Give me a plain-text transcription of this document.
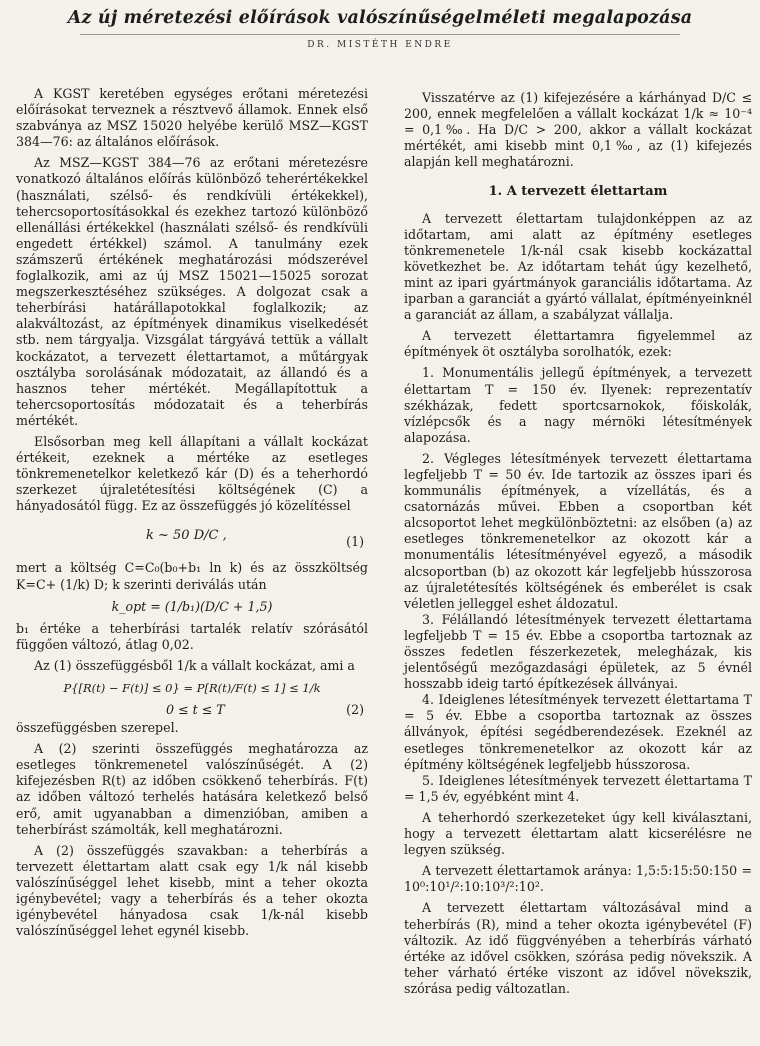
Az új méretezési előírások valószínűségelméleti megalapozása
DR. MISTÉTH ENDRE

A KGST keretében egységes erőtani méretezési előírásokat terveznek a résztvevő államok. Ennek első szabványa az MSZ 15020 helyébe kerülő MSZ—KGST 384—76: az általános előírások.

Az MSZ—KGST 384—76 az erőtani méretezésre vonatkozó általános előírás különböző teherértékekkel (használati, szélső- és rendkívüli értékekkel), tehercsoportosításokkal és ezekhez tartozó különböző ellenállási értékekkel (használati szélső- és rendkívüli engedett értékkel) számol. A tanulmány ezek számszerű értékének meghatározási módszerével foglalkozik, ami az új MSZ 15021—15025 sorozat megszerkesztéséhez szükséges. A dolgozat csak a teherbírási határállapotokkal foglalkozik; az alakváltozást, az építmények dinamikus viselkedését stb. nem tárgyalja. Vizsgálat tárgyává tettük a vállalt kockázatot, a tervezett élettartamot, a műtárgyak osztályba sorolásának módozatait, az állandó és a hasznos teher mértékét. Megállapítottuk a tehercsoportosítás módozatait és a teherbírás mértékét.

Elsősorban meg kell állapítani a vállalt kockázat értékeit, ezeknek a mértéke az esetleges tönkremenetelkor keletkező kár (D) és a teherhordó szerkezet újraletétesítési költségének (C) a hányadosától függ. Ez az összefüggés jó közelítéssel

k ~ 50 D/C ,	(1)

mert a költség C=C₀(b₀+b₁ ln k) és az összköltség K=C+ (1/k) D; k szerinti deriválás után

k_opt = (1/b₁)(D/C + 1,5)

b₁ értéke a teherbírási tartalék relatív szórásától függően változó, átlag 0,02.

Az (1) összefüggésből 1/k a vállalt kockázat, ami a

P{[R(t) − F(t)] ≤ 0} = P[R(t)/F(t) ≤ 1] ≤ 1/k
0 ≤ t ≤ T	(2)

összefüggésben szerepel.

A (2) szerinti összefüggés meghatározza az esetleges tönkremenetel valószínűségét. A (2) kifejezésben R(t) az időben csökkenő teherbírás. F(t) az időben változó terhelés hatására keletkező belső erő, amit ugyanabban a dimenzióban, amiben a teherbírást számolták, kell meghatározni.

A (2) összefüggés szavakban: a teherbírás a tervezett élettartam alatt csak egy 1/k nál kisebb valószínűséggel lehet kisebb, mint a teher okozta igénybevétel; vagy a teherbírás és a teher okozta igénybevétel hányadosa csak 1/k-nál kisebb valószínűséggel lehet egynél kisebb.

Visszatérve az (1) kifejezésére a kárhányad D/C ≤ 200, ennek megfelelően a vállalt kockázat 1/k ≈ 10⁻⁴ = 0,1‰. Ha D/C > 200, akkor a vállalt kockázat mértékét, ami kisebb mint 0,1‰, az (1) kifejezés alapján kell meghatározni.

1. A tervezett élettartam

A tervezett élettartam tulajdonképpen az az időtartam, ami alatt az építmény esetleges tönkremenetele 1/k-nál csak kisebb kockázattal következhet be. Az időtartam tehát úgy kezelhető, mint az ipari gyártmányok garanciális időtartama. Az iparban a garanciát a gyártó vállalat, építményeinknél a garanciát az állam, a szabályzat vállalja.

A tervezett élettartamra figyelemmel az építmények öt osztályba sorolhatók, ezek:

1. Monumentális jellegű építmények, a tervezett élettartam T = 150 év. Ilyenek: reprezentatív székházak, fedett sportcsarnokok, főiskolák, vízlépcsők és a nagy mérnöki létesítmények alapozása.

2. Végleges létesítmények tervezett élettartama legfeljebb T = 50 év. Ide tartozik az összes ipari és kommunális építmények, a vízellátás, és a csatornázás művei. Ebben a csoportban két alcsoportot lehet megkülönböztetni: az elsőben (a) az esetleges tönkremenetelkor az okozott kár a monumentális létesítményével egyező, a második alcsoportban (b) az okozott kár legfeljebb hússzorosa az újraletétesítés költségének és emberélet is csak véletlen jelleggel eshet áldozatul.

3. Félállandó létesítmények tervezett élettartama legfeljebb T = 15 év. Ebbe a csoportba tartoznak az összes fedetlen fészerkezetek, melegházak, kis jelentőségű mezőgazdasági épületek, az 5 évnél hosszabb ideig tartó építkezések állványai.

4. Ideiglenes létesítmények tervezett élettartama T = 5 év. Ebbe a csoportba tartoznak az összes állványok, építési segédberendezések. Ezeknél az esetleges tönkremenetelkor az okozott kár az építmény költségének legfeljebb hússzorosa.

5. Ideiglenes létesítmények tervezett élettartama T = 1,5 év, egyébként mint 4.

A teherhordó szerkezeteket úgy kell kiválasztani, hogy a tervezett élettartam alatt kicserélésre ne legyen szükség.

A tervezett élettartamok aránya: 1,5:5:15:50:150 = 10⁰:10¹/²:10:10³/²:10².

A tervezett élettartam változásával mind a teherbírás (R), mind a teher okozta igénybevétel (F) változik. Az idő függvényében a teherbírás várható értéke az idővel csökken, szórása pedig növekszik. A teher várható értéke viszont az idővel növekszik, szórása pedig változatlan.
